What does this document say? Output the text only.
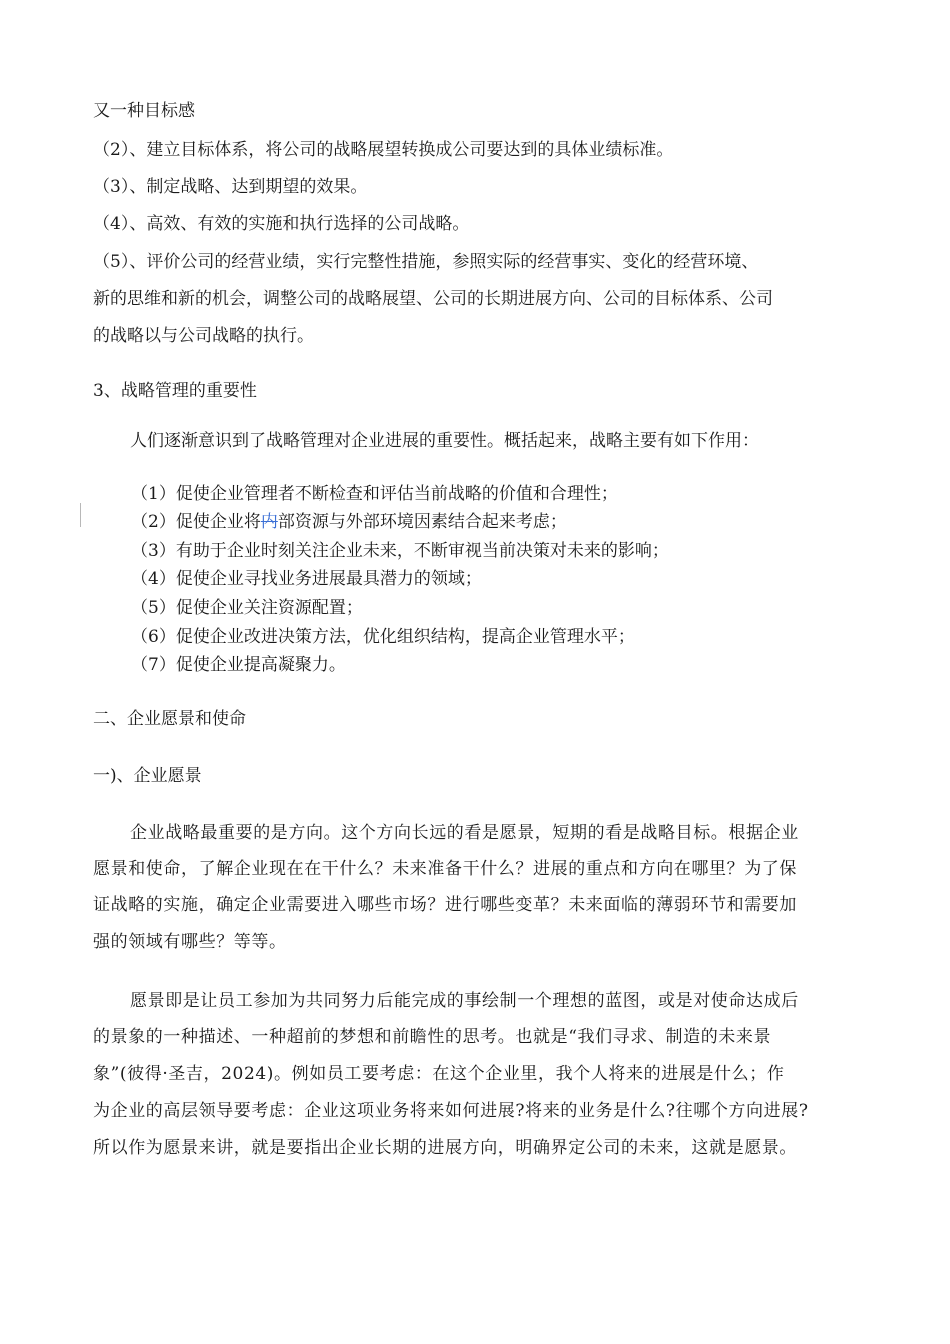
又一种目标感
（2）、建立目标体系，将公司的战略展望转换成公司要达到的具体业绩标准。
（3）、制定战略、达到期望的效果。
（4）、高效、有效的实施和执行选择的公司战略。
（5）、评价公司的经营业绩，实行完整性措施，参照实际的经营事实、变化的经营环境、
新的思维和新的机会，调整公司的战略展望、公司的长期进展方向、公司的目标体系、公司
的战略以与公司战略的执行。
3、战略管理的重要性
人们逐渐意识到了战略管理对企业进展的重要性。概括起来，战略主要有如下作用：
（1）促使企业管理者不断检查和评估当前战略的价值和合理性；
（2）促使企业将内部资源与外部环境因素结合起来考虑；
（3）有助于企业时刻关注企业未来，不断审视当前决策对未来的影响；
（4）促使企业寻找业务进展最具潜力的领域；
（5）促使企业关注资源配置；
（6）促使企业改进决策方法，优化组织结构，提高企业管理水平；
（7）促使企业提高凝聚力。
二、企业愿景和使命
一)、企业愿景
企业战略最重要的是方向。这个方向长远的看是愿景，短期的看是战略目标。根据企业
愿景和使命，了解企业现在在干什么？未来准备干什么？进展的重点和方向在哪里？为了保
证战略的实施，确定企业需要进入哪些市场？进行哪些变革？未来面临的薄弱环节和需要加
强的领域有哪些？等等。
愿景即是让员工参加为共同努力后能完成的事绘制一个理想的蓝图，或是对使命达成后
的景象的一种描述、一种超前的梦想和前瞻性的思考。也就是“我们寻求、制造的未来景
象”(彼得·圣吉，2024)。例如员工要考虑：在这个企业里，我个人将来的进展是什么；作
为企业的高层领导要考虑：企业这项业务将来如何进展?将来的业务是什么?往哪个方向进展?
所以作为愿景来讲，就是要指出企业长期的进展方向，明确界定公司的未来，这就是愿景。
